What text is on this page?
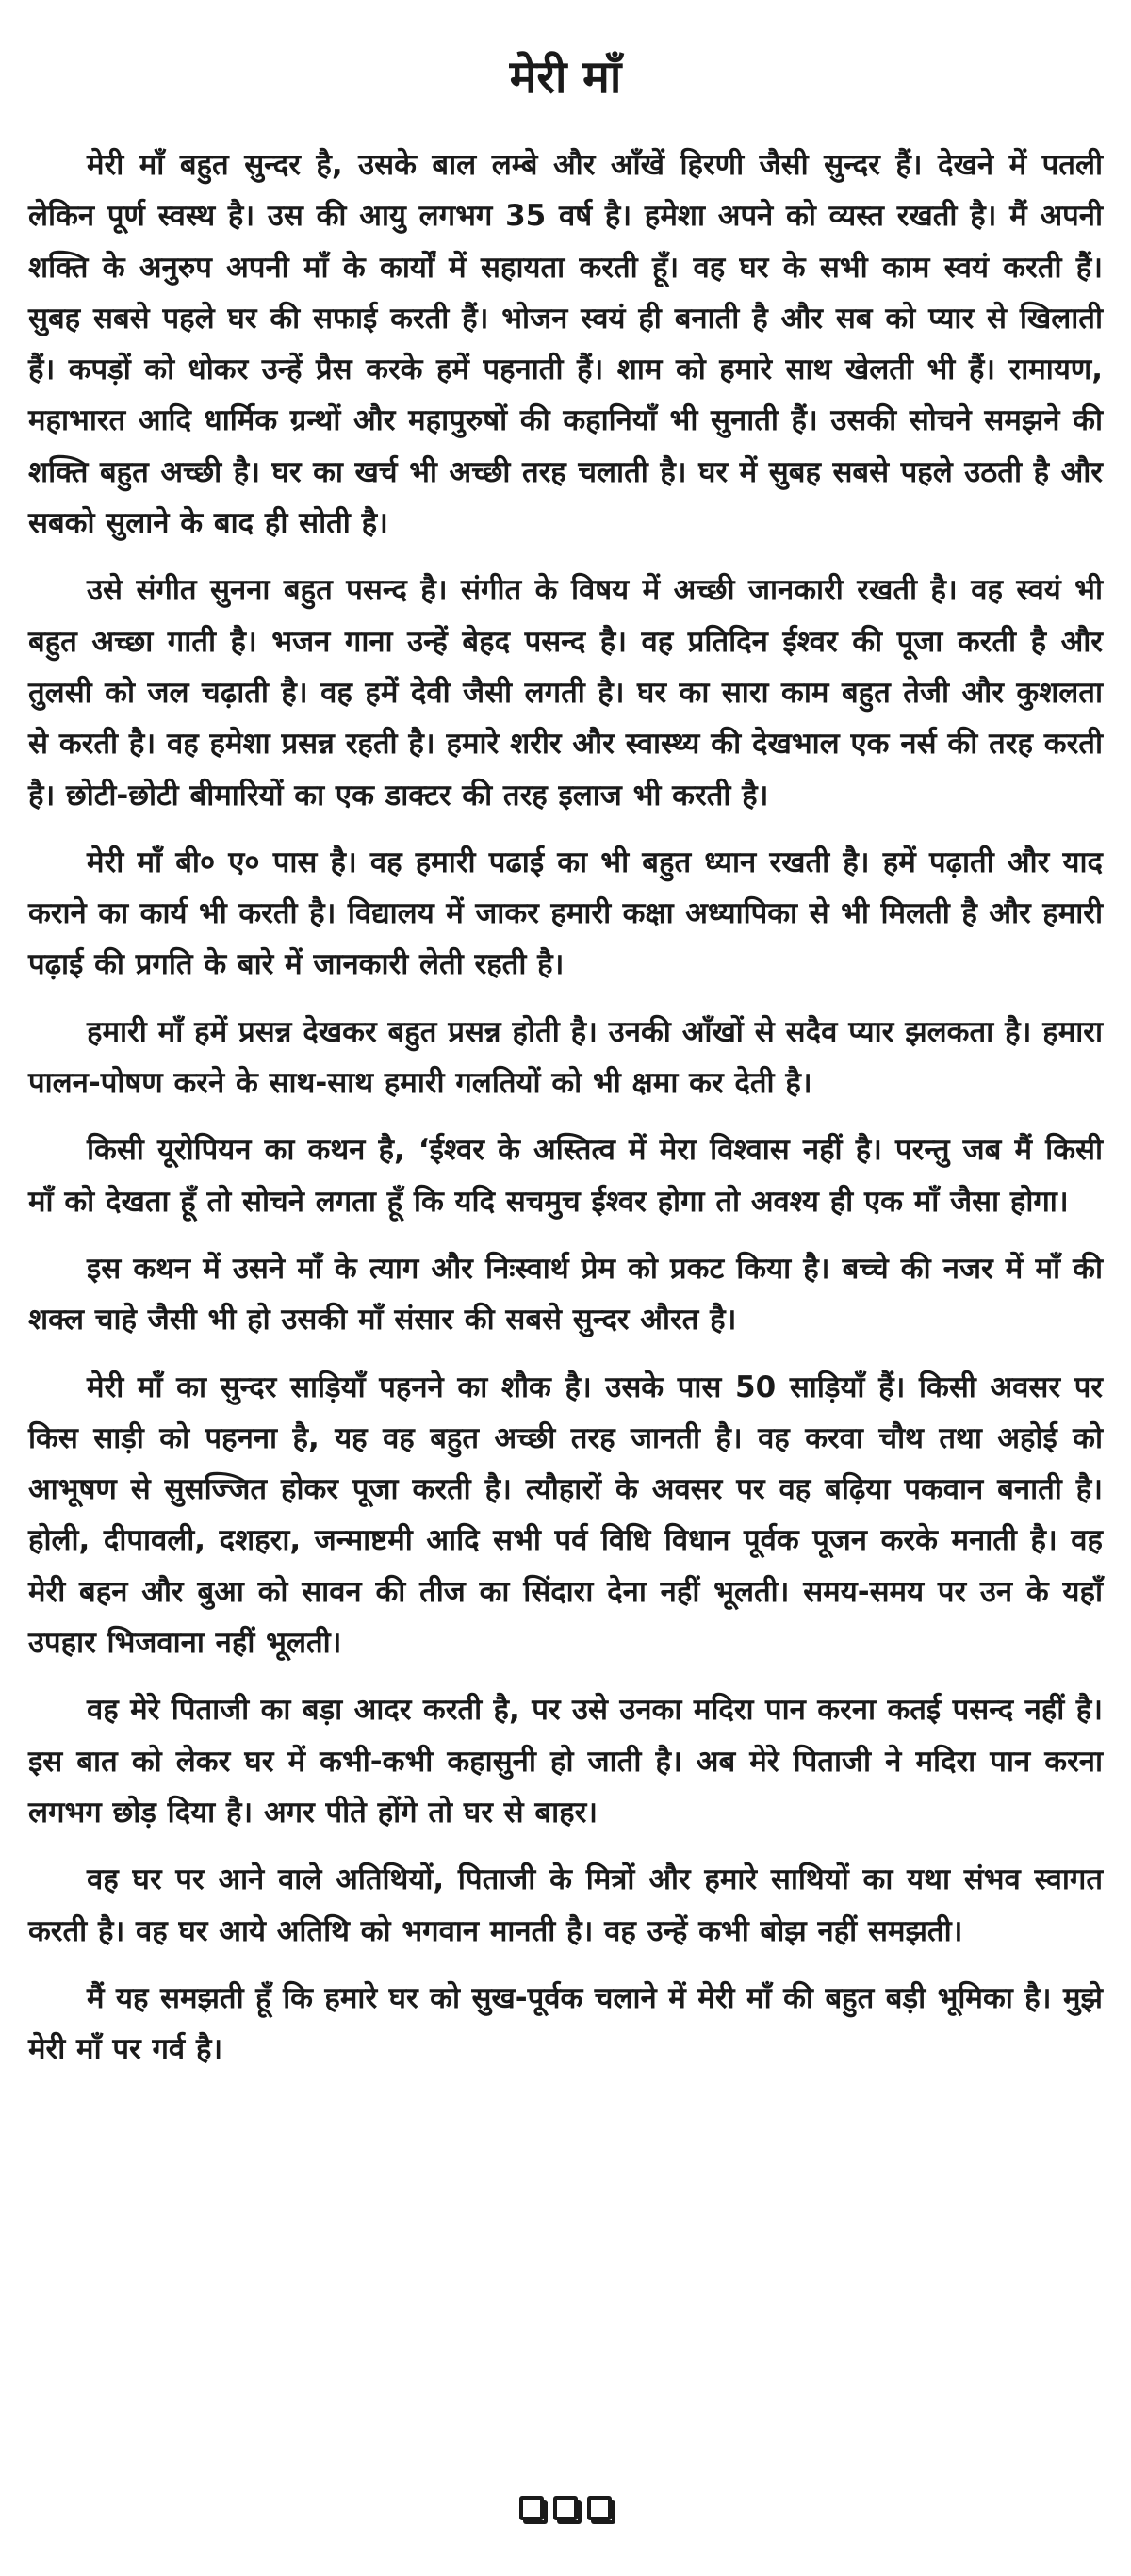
मेरी माँ

मेरी माँ बहुत सुन्दर है, उसके बाल लम्बे और आँखें हिरणी जैसी सुन्दर हैं। देखने में पतली लेकिन पूर्ण स्वस्थ है। उस की आयु लगभग 35 वर्ष है। हमेशा अपने को व्यस्त रखती है। मैं अपनी शक्ति के अनुरुप अपनी माँ के कार्यों में सहायता करती हूँ। वह घर के सभी काम स्वयं करती हैं। सुबह सबसे पहले घर की सफाई करती हैं। भोजन स्वयं ही बनाती है और सब को प्यार से खिलाती हैं। कपड़ों को धोकर उन्हें प्रैस करके हमें पहनाती हैं। शाम को हमारे साथ खेलती भी हैं। रामायण, महाभारत आदि धार्मिक ग्रन्थों और महापुरुषों की कहानियाँ भी सुनाती हैं। उसकी सोचने समझने की शक्ति बहुत अच्छी है। घर का खर्च भी अच्छी तरह चलाती है। घर में सुबह सबसे पहले उठती है और सबको सुलाने के बाद ही सोती है।

उसे संगीत सुनना बहुत पसन्द है। संगीत के विषय में अच्छी जानकारी रखती है। वह स्वयं भी बहुत अच्छा गाती है। भजन गाना उन्हें बेहद पसन्द है। वह प्रतिदिन ईश्वर की पूजा करती है और तुलसी को जल चढ़ाती है। वह हमें देवी जैसी लगती है। घर का सारा काम बहुत तेजी और कुशलता से करती है। वह हमेशा प्रसन्न रहती है। हमारे शरीर और स्वास्थ्य की देखभाल एक नर्स की तरह करती है। छोटी-छोटी बीमारियों का एक डाक्टर की तरह इलाज भी करती है।

मेरी माँ बी० ए० पास है। वह हमारी पढाई का भी बहुत ध्यान रखती है। हमें पढ़ाती और याद कराने का कार्य भी करती है। विद्यालय में जाकर हमारी कक्षा अध्यापिका से भी मिलती है और हमारी पढ़ाई की प्रगति के बारे में जानकारी लेती रहती है।

हमारी माँ हमें प्रसन्न देखकर बहुत प्रसन्न होती है। उनकी आँखों से सदैव प्यार झलकता है। हमारा पालन-पोषण करने के साथ-साथ हमारी गलतियों को भी क्षमा कर देती है।

किसी यूरोपियन का कथन है, ‘ईश्वर के अस्तित्व में मेरा विश्वास नहीं है। परन्तु जब मैं किसी माँ को देखता हूँ तो सोचने लगता हूँ कि यदि सचमुच ईश्वर होगा तो अवश्य ही एक माँ जैसा होगा।

इस कथन में उसने माँ के त्याग और निःस्वार्थ प्रेम को प्रकट किया है। बच्चे की नजर में माँ की शक्ल चाहे जैसी भी हो उसकी माँ संसार की सबसे सुन्दर औरत है।

मेरी माँ का सुन्दर साड़ियाँ पहनने का शौक है। उसके पास 50 साड़ियाँ हैं। किसी अवसर पर किस साड़ी को पहनना है, यह वह बहुत अच्छी तरह जानती है। वह करवा चौथ तथा अहोई को आभूषण से सुसज्जित होकर पूजा करती है। त्यौहारों के अवसर पर वह बढ़िया पकवान बनाती है। होली, दीपावली, दशहरा, जन्माष्टमी आदि सभी पर्व विधि विधान पूर्वक पूजन करके मनाती है। वह मेरी बहन और बुआ को सावन की तीज का सिंदारा देना नहीं भूलती। समय-समय पर उन के यहाँ उपहार भिजवाना नहीं भूलती।

वह मेरे पिताजी का बड़ा आदर करती है, पर उसे उनका मदिरा पान करना कतई पसन्द नहीं है। इस बात को लेकर घर में कभी-कभी कहासुनी हो जाती है। अब मेरे पिताजी ने मदिरा पान करना लगभग छोड़ दिया है। अगर पीते होंगे तो घर से बाहर।

वह घर पर आने वाले अतिथियों, पिताजी के मित्रों और हमारे साथियों का यथा संभव स्वागत करती है। वह घर आये अतिथि को भगवान मानती है। वह उन्हें कभी बोझ नहीं समझती।

मैं यह समझती हूँ कि हमारे घर को सुख-पूर्वक चलाने में मेरी माँ की बहुत बड़ी भूमिका है। मुझे मेरी माँ पर गर्व है।
